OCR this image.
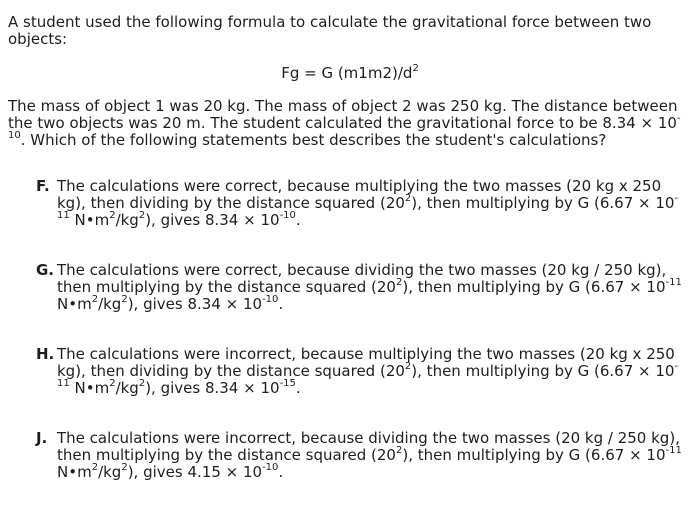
A student used the following formula to calculate the gravitational force between two objects:

Fg = G $(m1m2)/d^2$

The mass of object 1 was 20 kg. The mass of object 2 was 250 kg. The distance between the two objects was 20 m. The student calculated the gravitational force to be $8.34 \times 10^{-10}$. Which of the following statements best describes the student's calculations?

F. The calculations were correct, because multiplying the two masses (20 kg x 250 kg), then dividing by the distance squared $(20^2)$, then multiplying by G ($6.67 \times 10^{-11}$ $N•m^2/kg^2$), gives $8.34 \times 10^{-10}$.
G. The calculations were correct, because dividing the two masses (20 kg / 250 kg), then multiplying by the distance squared $(20^2)$, then multiplying by G ($6.67 \times 10^{-11}$ $N•m^2/kg^2$), gives $8.34 \times 10^{-10}$.
H. The calculations were incorrect, because multiplying the two masses (20 kg x 250 kg), then dividing by the distance squared $(20^2)$, then multiplying by G ($6.67 \times 10^{-11}$ $N•m^2/kg^2$), gives $8.34 \times 10^{-15}$.
J. The calculations were incorrect, because dividing the two masses (20 kg / 250 kg), then multiplying by the distance squared $(20^2)$, then multiplying by G ($6.67 \times 10^{-11}$ $N•m^2/kg^2$), gives $4.15 \times 10^{-10}$.
